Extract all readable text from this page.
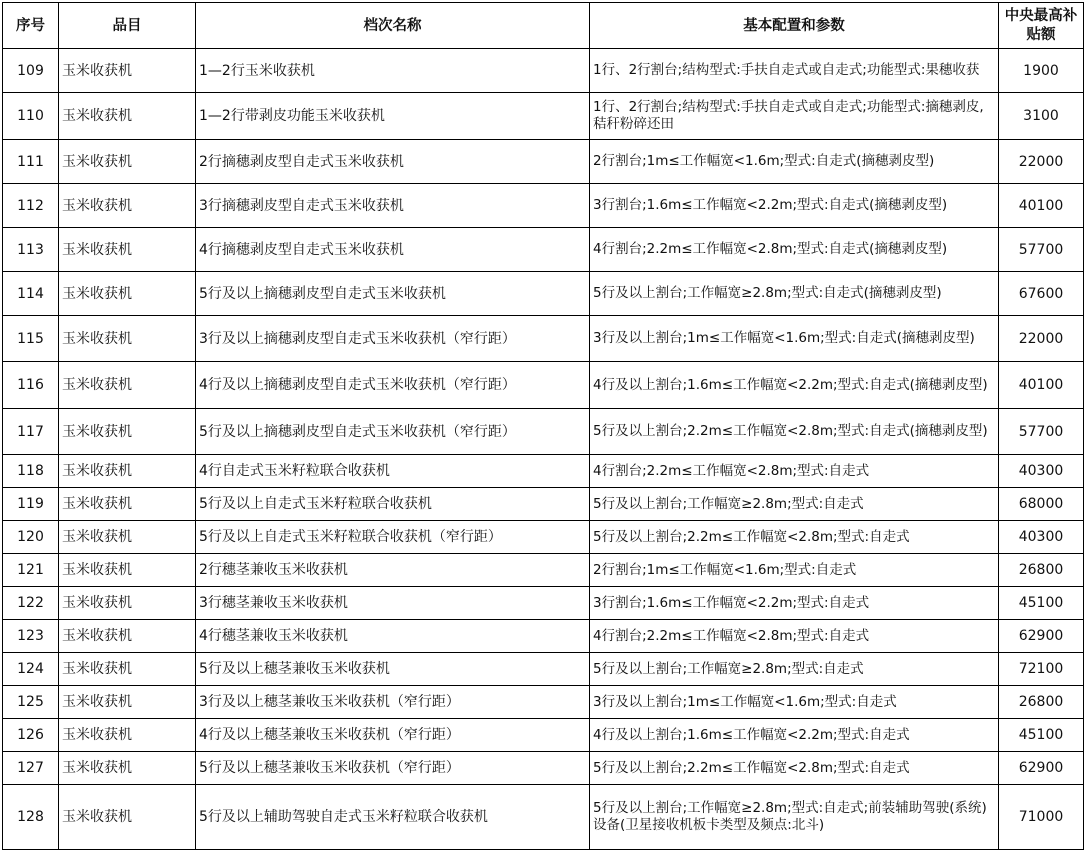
序号	品目	档次名称	基本配置和参数	中央最高补贴额
109	玉米收获机	1—2行玉米收获机	1行、2行割台;结构型式:手扶自走式或自走式;功能型式:果穗收获	1900
110	玉米收获机	1—2行带剥皮功能玉米收获机	1行、2行割台;结构型式:手扶自走式或自走式;功能型式:摘穗剥皮,秸秆粉碎还田	3100
111	玉米收获机	2行摘穗剥皮型自走式玉米收获机	2行割台;1m≤工作幅宽<1.6m;型式:自走式(摘穗剥皮型)	22000
112	玉米收获机	3行摘穗剥皮型自走式玉米收获机	3行割台;1.6m≤工作幅宽<2.2m;型式:自走式(摘穗剥皮型)	40100
113	玉米收获机	4行摘穗剥皮型自走式玉米收获机	4行割台;2.2m≤工作幅宽<2.8m;型式:自走式(摘穗剥皮型)	57700
114	玉米收获机	5行及以上摘穗剥皮型自走式玉米收获机	5行及以上割台;工作幅宽≥2.8m;型式:自走式(摘穗剥皮型)	67600
115	玉米收获机	3行及以上摘穗剥皮型自走式玉米收获机（窄行距）	3行及以上割台;1m≤工作幅宽<1.6m;型式:自走式(摘穗剥皮型)	22000
116	玉米收获机	4行及以上摘穗剥皮型自走式玉米收获机（窄行距）	4行及以上割台;1.6m≤工作幅宽<2.2m;型式:自走式(摘穗剥皮型)	40100
117	玉米收获机	5行及以上摘穗剥皮型自走式玉米收获机（窄行距）	5行及以上割台;2.2m≤工作幅宽<2.8m;型式:自走式(摘穗剥皮型)	57700
118	玉米收获机	4行自走式玉米籽粒联合收获机	4行割台;2.2m≤工作幅宽<2.8m;型式:自走式	40300
119	玉米收获机	5行及以上自走式玉米籽粒联合收获机	5行及以上割台;工作幅宽≥2.8m;型式:自走式	68000
120	玉米收获机	5行及以上自走式玉米籽粒联合收获机（窄行距）	5行及以上割台;2.2m≤工作幅宽<2.8m;型式:自走式	40300
121	玉米收获机	2行穗茎兼收玉米收获机	2行割台;1m≤工作幅宽<1.6m;型式:自走式	26800
122	玉米收获机	3行穗茎兼收玉米收获机	3行割台;1.6m≤工作幅宽<2.2m;型式:自走式	45100
123	玉米收获机	4行穗茎兼收玉米收获机	4行割台;2.2m≤工作幅宽<2.8m;型式:自走式	62900
124	玉米收获机	5行及以上穗茎兼收玉米收获机	5行及以上割台;工作幅宽≥2.8m;型式:自走式	72100
125	玉米收获机	3行及以上穗茎兼收玉米收获机（窄行距）	3行及以上割台;1m≤工作幅宽<1.6m;型式:自走式	26800
126	玉米收获机	4行及以上穗茎兼收玉米收获机（窄行距）	4行及以上割台;1.6m≤工作幅宽<2.2m;型式:自走式	45100
127	玉米收获机	5行及以上穗茎兼收玉米收获机（窄行距）	5行及以上割台;2.2m≤工作幅宽<2.8m;型式:自走式	62900
128	玉米收获机	5行及以上辅助驾驶自走式玉米籽粒联合收获机	5行及以上割台;工作幅宽≥2.8m;型式:自走式;前装辅助驾驶(系统)设备(卫星接收机板卡类型及频点:北斗)	71000
